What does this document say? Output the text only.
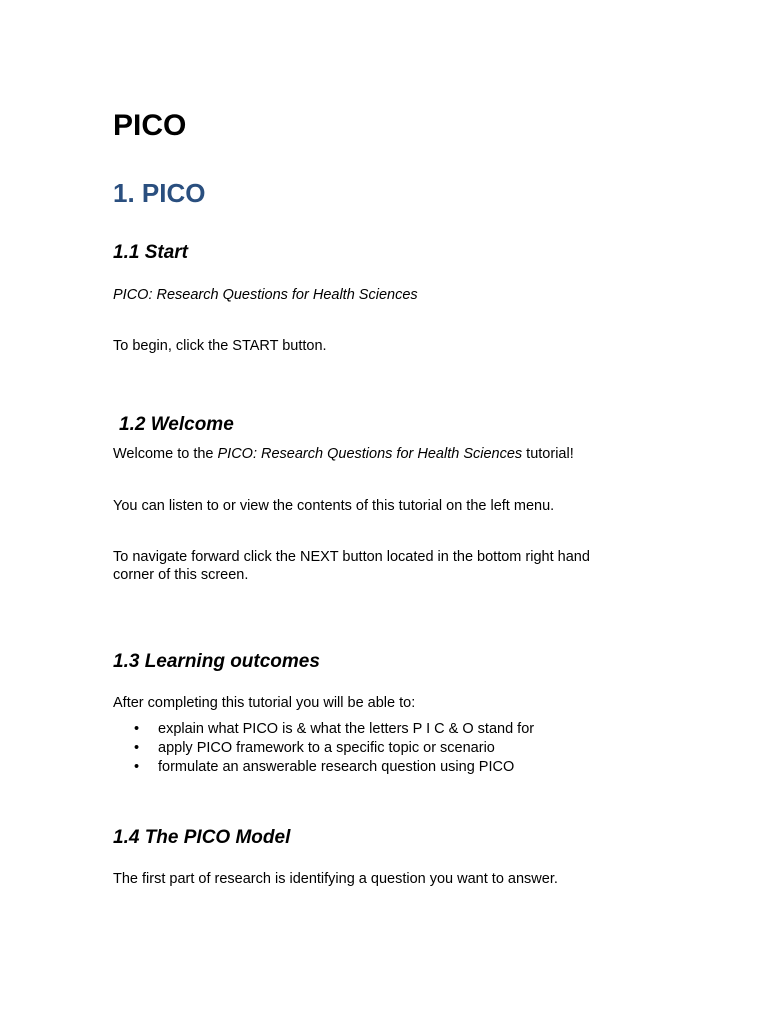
PICO
1. PICO
1.1 Start

PICO: Research Questions for Health Sciences

To begin, click the START button.

1.2 Welcome

Welcome to the PICO: Research Questions for Health Sciences tutorial!

You can listen to or view the contents of this tutorial on the left menu.

To navigate forward click the NEXT button located in the bottom right hand corner of this screen.

1.3 Learning outcomes

After completing this tutorial you will be able to:

• explain what PICO is & what the letters P I C & O stand for
• apply PICO framework to a specific topic or scenario
• formulate an answerable research question using PICO
1.4 The PICO Model

The first part of research is identifying a question you want to answer.
